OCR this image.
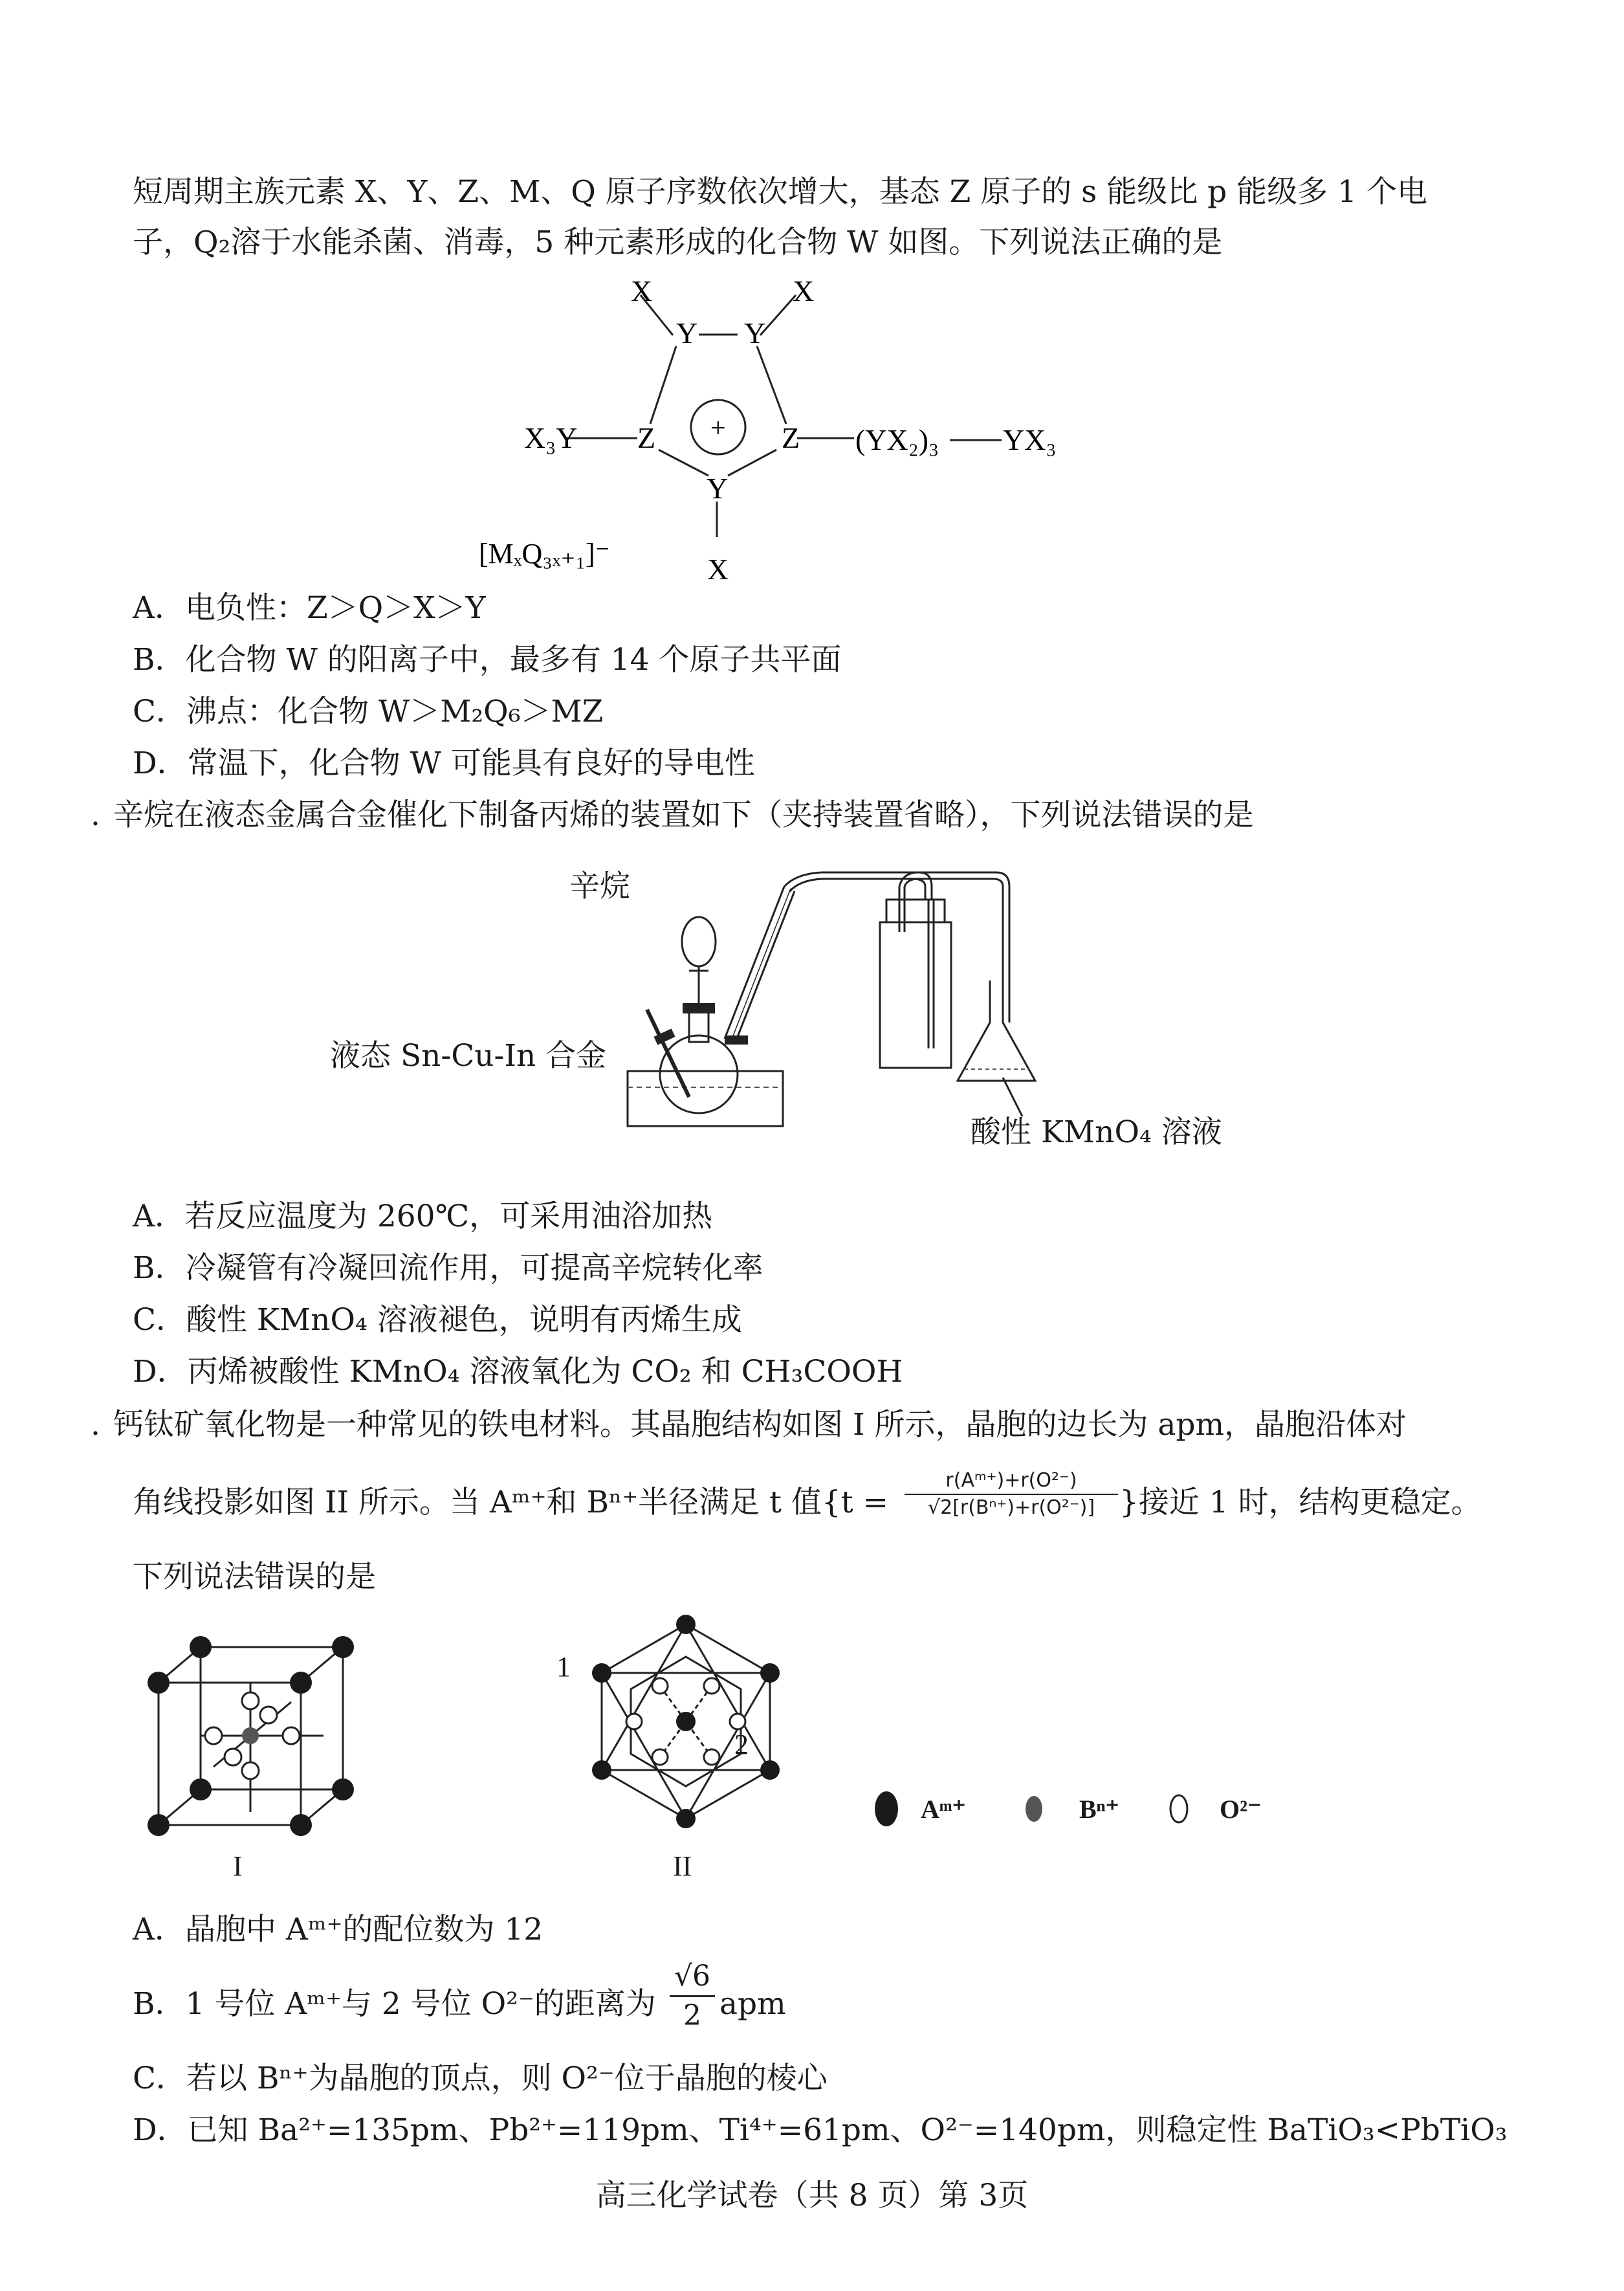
短周期主族元素 X、Y、Z、M、Q 原子序数依次增大，基态 Z 原子的 s 能级比 p 能级多 1 个电
子，Q₂溶于水能杀菌、消毒，5 种元素形成的化合物 W 如图。下列说法正确的是
X	X
Y Y
+
X₃Y Z	Z (YX₂)₃ YX₃
Y
X
[MₓQ₃ₓ₊₁]⁻
A．电负性：Z＞Q＞X＞Y
B．化合物 W 的阳离子中，最多有 14 个原子共平面
C．沸点：化合物 W＞M₂Q₆＞MZ
D．常温下，化合物 W 可能具有良好的导电性
. 辛烷在液态金属合金催化下制备丙烯的装置如下（夹持装置省略），下列说法错误的是
辛烷
液态 Sn-Cu-In 合金
酸性 KMnO₄ 溶液
A．若反应温度为 260℃，可采用油浴加热
B．冷凝管有冷凝回流作用，可提高辛烷转化率
C．酸性 KMnO₄ 溶液褪色，说明有丙烯生成
D．丙烯被酸性 KMnO₄ 溶液氧化为 CO₂ 和 CH₃COOH
. 钙钛矿氧化物是一种常见的铁电材料。其晶胞结构如图 I 所示，晶胞的边长为 apm，晶胞沿体对
角线投影如图 II 所示。当 Aᵐ⁺和 Bⁿ⁺半径满足 t 值{$t = \frac{\text{r(Aᵐ⁺)+r(O²⁻)}}{\text{√2[r(Bⁿ⁺)+r(O²⁻)]}}$ }接近 1 时，结构更稳定。
下列说法错误的是
I
1
2
II
Aᵐ⁺	Bⁿ⁺	O²⁻
A．晶胞中 Aᵐ⁺的配位数为 12
B．1 号位 Aᵐ⁺与 2 号位 O²⁻的距离为 $\frac{√6}{2}$ apm
C．若以 Bⁿ⁺为晶胞的顶点，则 O²⁻位于晶胞的棱心
D．已知 Ba²⁺=135pm、Pb²⁺=119pm、Ti⁴⁺=61pm、O²⁻=140pm，则稳定性 BaTiO₃<PbTiO₃
高三化学试卷（共 8 页）第 3页
